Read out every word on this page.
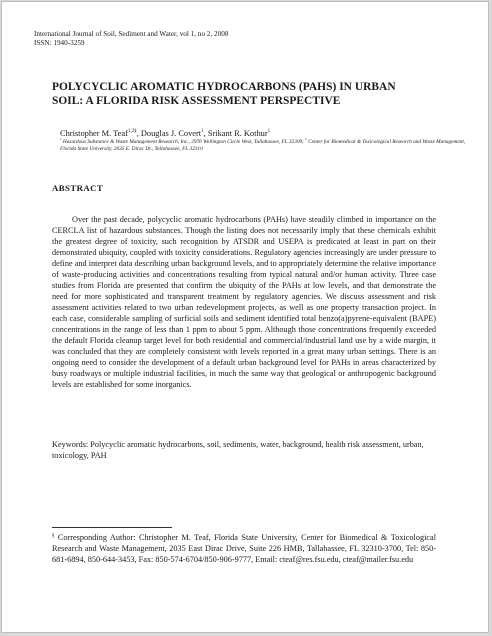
International Journal of Soil, Sediment and Water, vol 1, no 2, 2008
ISSN: 1940-3259
POLYCYCLIC AROMATIC HYDROCARBONS (PAHS) IN URBAN
SOIL: A FLORIDA RISK ASSESSMENT PERSPECTIVE
Christopher M. Teaf$^{1,2\S}$, Douglas J. Covert$^1$, Srikant R. Kothur$^1$
$^1$ Hazardous Substance & Waste Management Research, Inc., 2976 Wellington Circle West, Tallahassee, FL 32309; $^2$ Center for Biomedical & Toxicological Research and Waste Management, Florida State University, 2035 E. Dirac Dr., Tallahassee, FL 32310
ABSTRACT

Over the past decade, polycyclic aromatic hydrocarbons (PAHs) have steadily climbed in importance on the CERCLA list of hazardous substances. Though the listing does not necessarily imply that these chemicals exhibit the greatest degree of toxicity, such recognition by ATSDR and USEPA is predicated at least in part on their demonstrated ubiquity, coupled with toxicity considerations. Regulatory agencies increasingly are under pressure to define and interpret data describing urban background levels, and to appropriately determine the relative importance of waste-producing activities and concentrations resulting from typical natural and/or human activity. Three case studies from Florida are presented that confirm the ubiquity of the PAHs at low levels, and that demonstrate the need for more sophisticated and transparent treatment by regulatory agencies. We discuss assessment and risk assessment activities related to two urban redevelopment projects, as well as one property transaction project. In each case, considerable sampling of surficial soils and sediment identified total benzo(a)pyrene-equivalent (BAPE) concentrations in the range of less than 1 ppm to about 5 ppm. Although those concentrations frequently exceeded the default Florida cleanup target level for both residential and commercial/industrial land use by a wide margin, it was concluded that they are completely consistent with levels reported in a great many urban settings. There is an ongoing need to consider the development of a default urban background level for PAHs in areas characterized by busy roadways or multiple industrial facilities, in much the same way that geological or anthropogenic background levels are established for some inorganics.

Keywords: Polycyclic aromatic hydrocarbons, soil, sediments, water, background, health risk assessment, urban, toxicology, PAH

§ Corresponding Author: Christopher M. Teaf, Florida State University, Center for Biomedical & Toxicological Research and Waste Management, 2035 East Dirac Drive, Suite 226 HMB, Tallahassee, FL 32310-3700, Tel: 850-681-6894, 850-644-3453, Fax: 850-574-6704/850-906-9777, Email: cteaf@res.fsu.edu, cteaf@mailer.fsu.edu
